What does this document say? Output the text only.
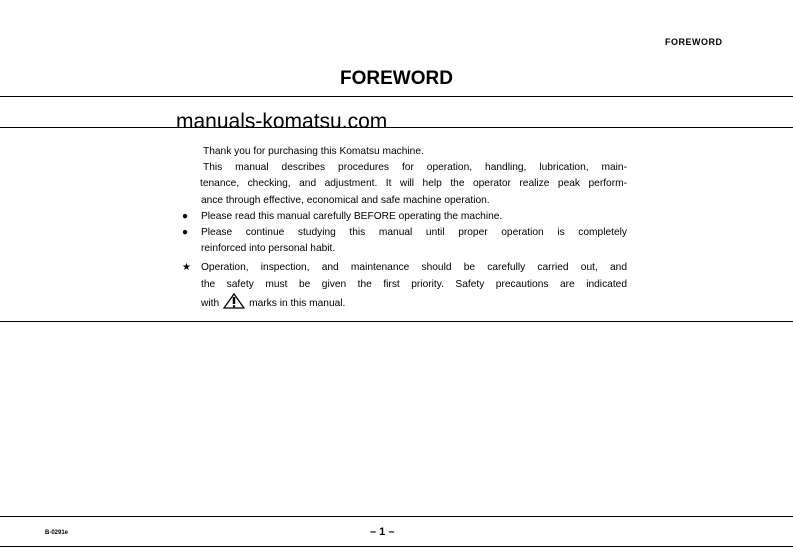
FOREWORD
FOREWORD
manuals-komatsu.com

Thank you for purchasing this Komatsu machine.

This manual describes procedures for operation, handling, lubrication, main-

tenance, checking, and adjustment. It will help the operator realize peak perform-

ance through effective, economical and safe machine operation.

● Please read this manual carefully BEFORE operating the machine.

● Please continue studying this manual until proper operation is completely

reinforced into personal habit.

★ Operation, inspection, and maintenance should be carefully carried out, and

the safety must be given the first priority. Safety precautions are indicated

with	marks in this manual.

B-0291e	– 1 –
